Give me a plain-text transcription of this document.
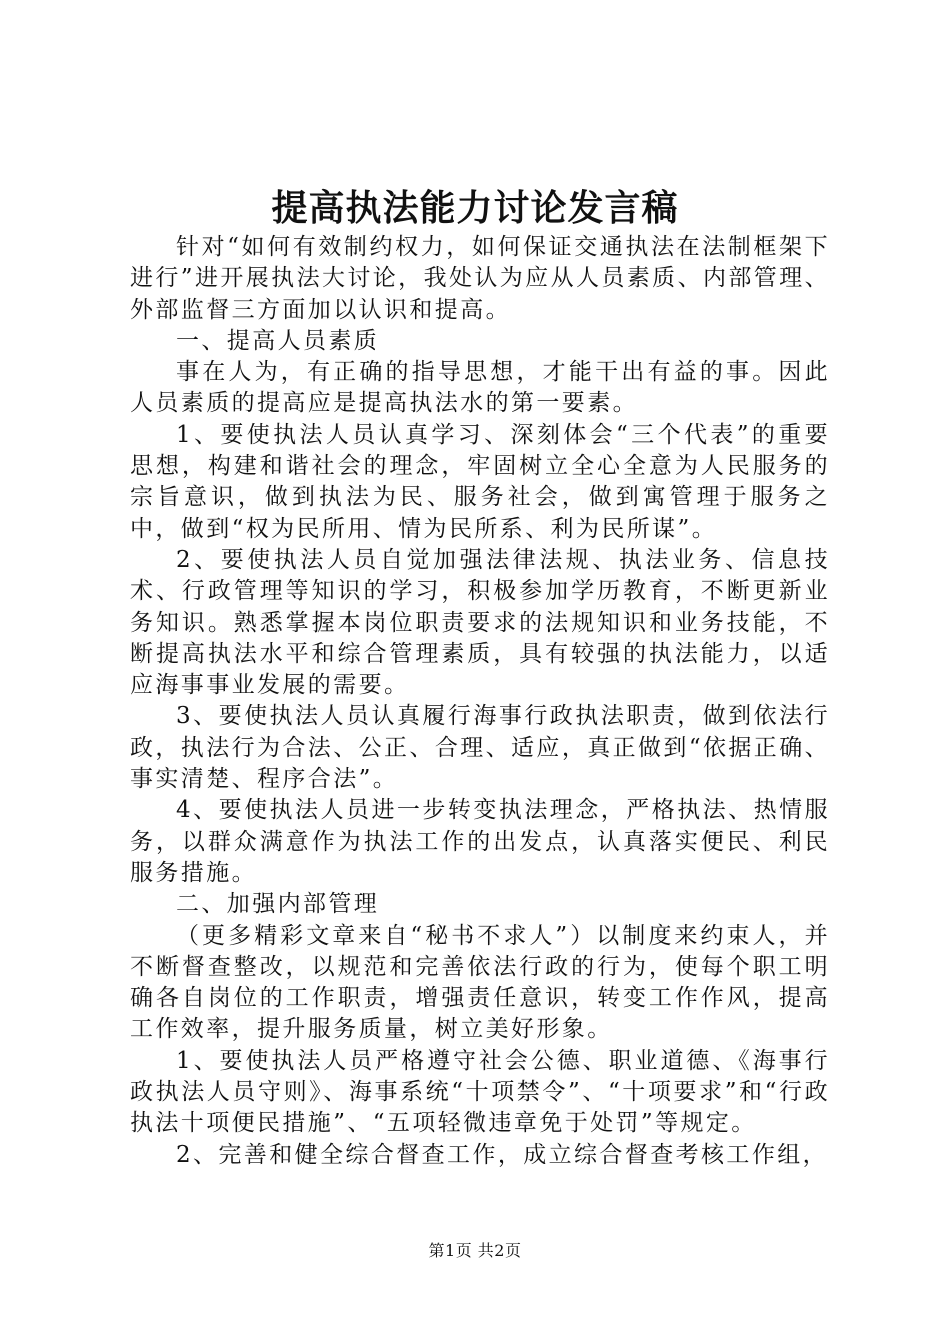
提高执法能力讨论发言稿

针对“如何有效制约权力，如何保证交通执法在法制框架下进行”进开展执法大讨论，我处认为应从人员素质、内部管理、外部监督三方面加以认识和提高。

一、提高人员素质

事在人为，有正确的指导思想，才能干出有益的事。因此人员素质的提高应是提高执法水的第一要素。

1、要使执法人员认真学习、深刻体会“三个代表”的重要思想，构建和谐社会的理念，牢固树立全心全意为人民服务的宗旨意识，做到执法为民、服务社会，做到寓管理于服务之中，做到“权为民所用、情为民所系、利为民所谋”。

2、要使执法人员自觉加强法律法规、执法业务、信息技术、行政管理等知识的学习，积极参加学历教育，不断更新业务知识。熟悉掌握本岗位职责要求的法规知识和业务技能，不断提高执法水平和综合管理素质，具有较强的执法能力，以适应海事事业发展的需要。

3、要使执法人员认真履行海事行政执法职责，做到依法行政，执法行为合法、公正、合理、适应，真正做到“依据正确、事实清楚、程序合法”。

4、要使执法人员进一步转变执法理念，严格执法、热情服务，以群众满意作为执法工作的出发点，认真落实便民、利民服务措施。

二、加强内部管理

（更多精彩文章来自“秘书不求人”）以制度来约束人，并不断督查整改，以规范和完善依法行政的行为，使每个职工明确各自岗位的工作职责，增强责任意识，转变工作作风，提高工作效率，提升服务质量，树立美好形象。

1、要使执法人员严格遵守社会公德、职业道德、《海事行政执法人员守则》、海事系统“十项禁令”、“十项要求”和“行政执法十项便民措施”、“五项轻微违章免于处罚”等规定。

2、完善和健全综合督查工作，成立综合督查考核工作组，

第1页 共2页
